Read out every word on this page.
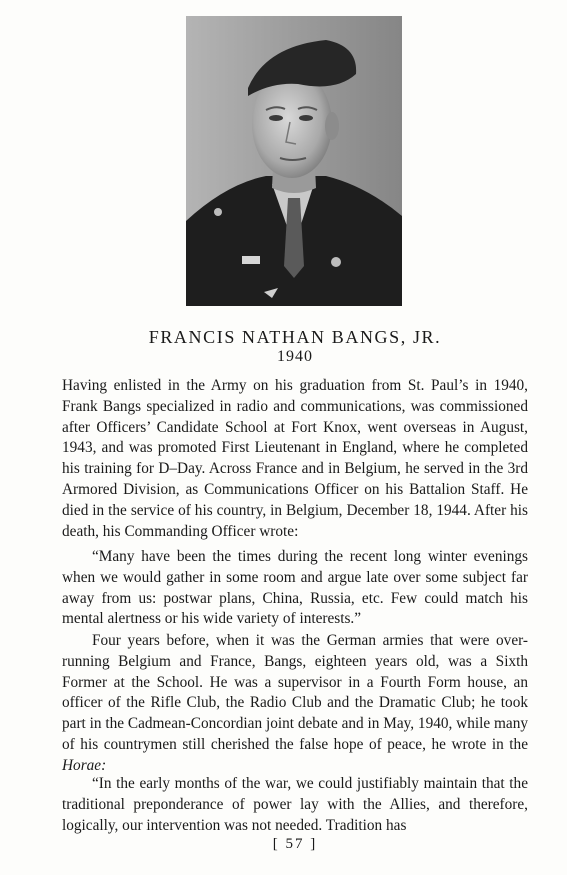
FRANCIS NATHAN BANGS, JR.
1940

Having enlisted in the Army on his graduation from St. Paul’s in 1940, Frank Bangs specialized in radio and communications, was commissioned after Officers’ Candidate School at Fort Knox, went overseas in August, 1943, and was promoted First Lieutenant in England, where he completed his training for D–Day. Across France and in Belgium, he served in the 3rd Armored Division, as Communications Officer on his Battalion Staff. He died in the service of his country, in Belgium, December 18, 1944. After his death, his Commanding Officer wrote:

“Many have been the times during the recent long winter evenings when we would gather in some room and argue late over some subject far away from us: postwar plans, China, Russia, etc. Few could match his mental alertness or his wide variety of interests.”

Four years before, when it was the German armies that were over-running Belgium and France, Bangs, eighteen years old, was a Sixth Former at the School. He was a supervisor in a Fourth Form house, an officer of the Rifle Club, the Radio Club and the Dramatic Club; he took part in the Cadmean-Concordian joint debate and in May, 1940, while many of his countrymen still cherished the false hope of peace, he wrote in the Horae:

“In the early months of the war, we could justifiably maintain that the traditional preponderance of power lay with the Allies, and therefore, logically, our intervention was not needed. Tradition has

[ 57 ]
